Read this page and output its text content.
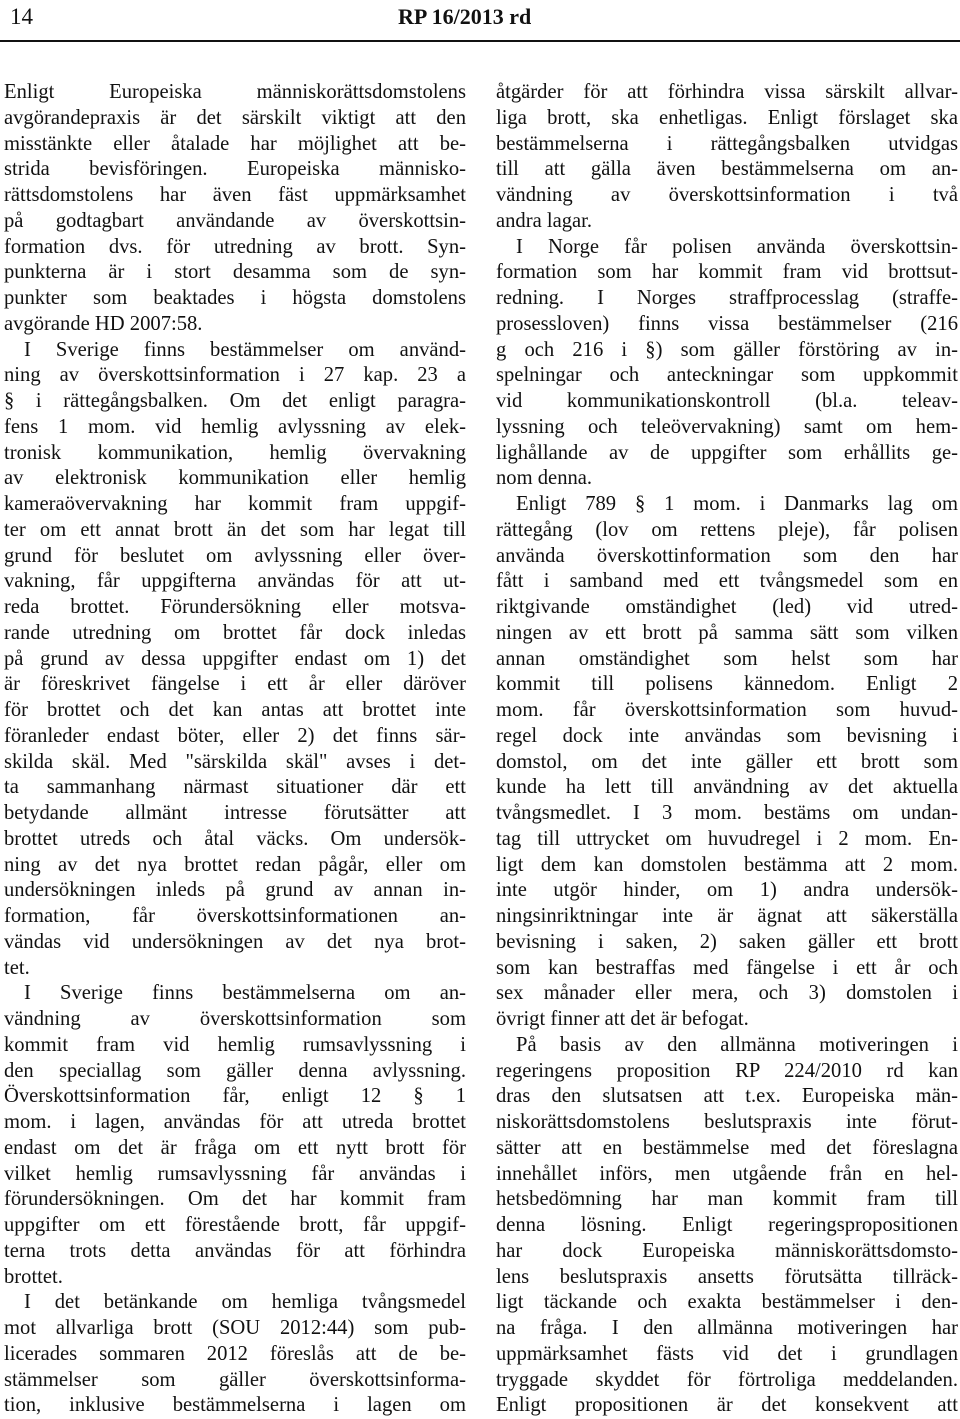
14	RP 16/2013 rd
Enligt Europeiska människorättsdomstolens
avgörandepraxis är det särskilt viktigt att den
misstänkte eller åtalade har möjlighet att be-
strida bevisföringen. Europeiska människo-
rättsdomstolens har även fäst uppmärksamhet
på godtagbart användande av överskottsin-
formation dvs. för utredning av brott. Syn-
punkterna är i stort desamma som de syn-
punkter som beaktades i högsta domstolens
avgörande HD 2007:58.
I Sverige finns bestämmelser om använd-
ning av överskottsinformation i 27 kap. 23 a
§ i rättegångsbalken. Om det enligt paragra-
fens 1 mom. vid hemlig avlyssning av elek-
tronisk kommunikation, hemlig övervakning
av elektronisk kommunikation eller hemlig
kameraövervakning har kommit fram uppgif-
ter om ett annat brott än det som har legat till
grund för beslutet om avlyssning eller över-
vakning, får uppgifterna användas för att ut-
reda brottet. Förundersökning eller motsva-
rande utredning om brottet får dock inledas
på grund av dessa uppgifter endast om 1) det
är föreskrivet fängelse i ett år eller däröver
för brottet och det kan antas att brottet inte
föranleder endast böter, eller 2) det finns sär-
skilda skäl. Med "särskilda skäl" avses i det-
ta sammanhang närmast situationer där ett
betydande allmänt intresse förutsätter att
brottet utreds och åtal väcks. Om undersök-
ning av det nya brottet redan pågår, eller om
undersökningen inleds på grund av annan in-
formation, får överskottsinformationen an-
vändas vid undersökningen av det nya brot-
tet.
I Sverige finns bestämmelserna om an-
vändning av överskottsinformation som
kommit fram vid hemlig rumsavlyssning i
den speciallag som gäller denna avlyssning.
Överskottsinformation får, enligt 12 § 1
mom. i lagen, användas för att utreda brottet
endast om det är fråga om ett nytt brott för
vilket hemlig rumsavlyssning får användas i
förundersökningen. Om det har kommit fram
uppgifter om ett förestående brott, får uppgif-
terna trots detta användas för att förhindra
brottet.
I det betänkande om hemliga tvångsmedel
mot allvarliga brott (SOU 2012:44) som pub-
licerades sommaren 2012 föreslås att de be-
stämmelser som gäller överskottsinforma-
tion, inklusive bestämmelserna i lagen om
åtgärder för att förhindra vissa särskilt allvar-
liga brott, ska enhetligas. Enligt förslaget ska
bestämmelserna i rättegångsbalken utvidgas
till att gälla även bestämmelserna om an-
vändning av överskottsinformation i två
andra lagar.
I Norge får polisen använda överskottsin-
formation som har kommit fram vid brottsut-
redning. I Norges straffprocesslag (straffe-
prosessloven) finns vissa bestämmelser (216
g och 216 i §) som gäller förstöring av in-
spelningar och anteckningar som uppkommit
vid kommunikationskontroll (bl.a. teleav-
lyssning och teleövervakning) samt om hem-
lighållande av de uppgifter som erhållits ge-
nom denna.
Enligt 789 § 1 mom. i Danmarks lag om
rättegång (lov om rettens pleje), får polisen
använda överskottinformation som den har
fått i samband med ett tvångsmedel som en
riktgivande omständighet (led) vid utred-
ningen av ett brott på samma sätt som vilken
annan omständighet som helst som har
kommit till polisens kännedom. Enligt 2
mom. får överskottsinformation som huvud-
regel dock inte användas som bevisning i
domstol, om det inte gäller ett brott som
kunde ha lett till användning av det aktuella
tvångsmedlet. I 3 mom. bestäms om undan-
tag till uttrycket om huvudregel i 2 mom. En-
ligt dem kan domstolen bestämma att 2 mom.
inte utgör hinder, om 1) andra undersök-
ningsinriktningar inte är ägnat att säkerställa
bevisning i saken, 2) saken gäller ett brott
som kan bestraffas med fängelse i ett år och
sex månader eller mera, och 3) domstolen i
övrigt finner att det är befogat.
På basis av den allmänna motiveringen i
regeringens proposition RP 224/2010 rd kan
dras den slutsatsen att t.ex. Europeiska män-
niskorättsdomstolens beslutspraxis inte förut-
sätter att en bestämmelse med det föreslagna
innehållet införs, men utgående från en hel-
hetsbedömning har man kommit fram till
denna lösning. Enligt regeringspropositionen
har dock Europeiska människorättsdomsto-
lens beslutspraxis ansetts förutsätta tillräck-
ligt täckande och exakta bestämmelser i den-
na fråga. I den allmänna motiveringen har
uppmärksamhet fästs vid det i grundlagen
tryggade skyddet för förtroliga meddelanden.
Enligt propositionen är det konsekvent att
